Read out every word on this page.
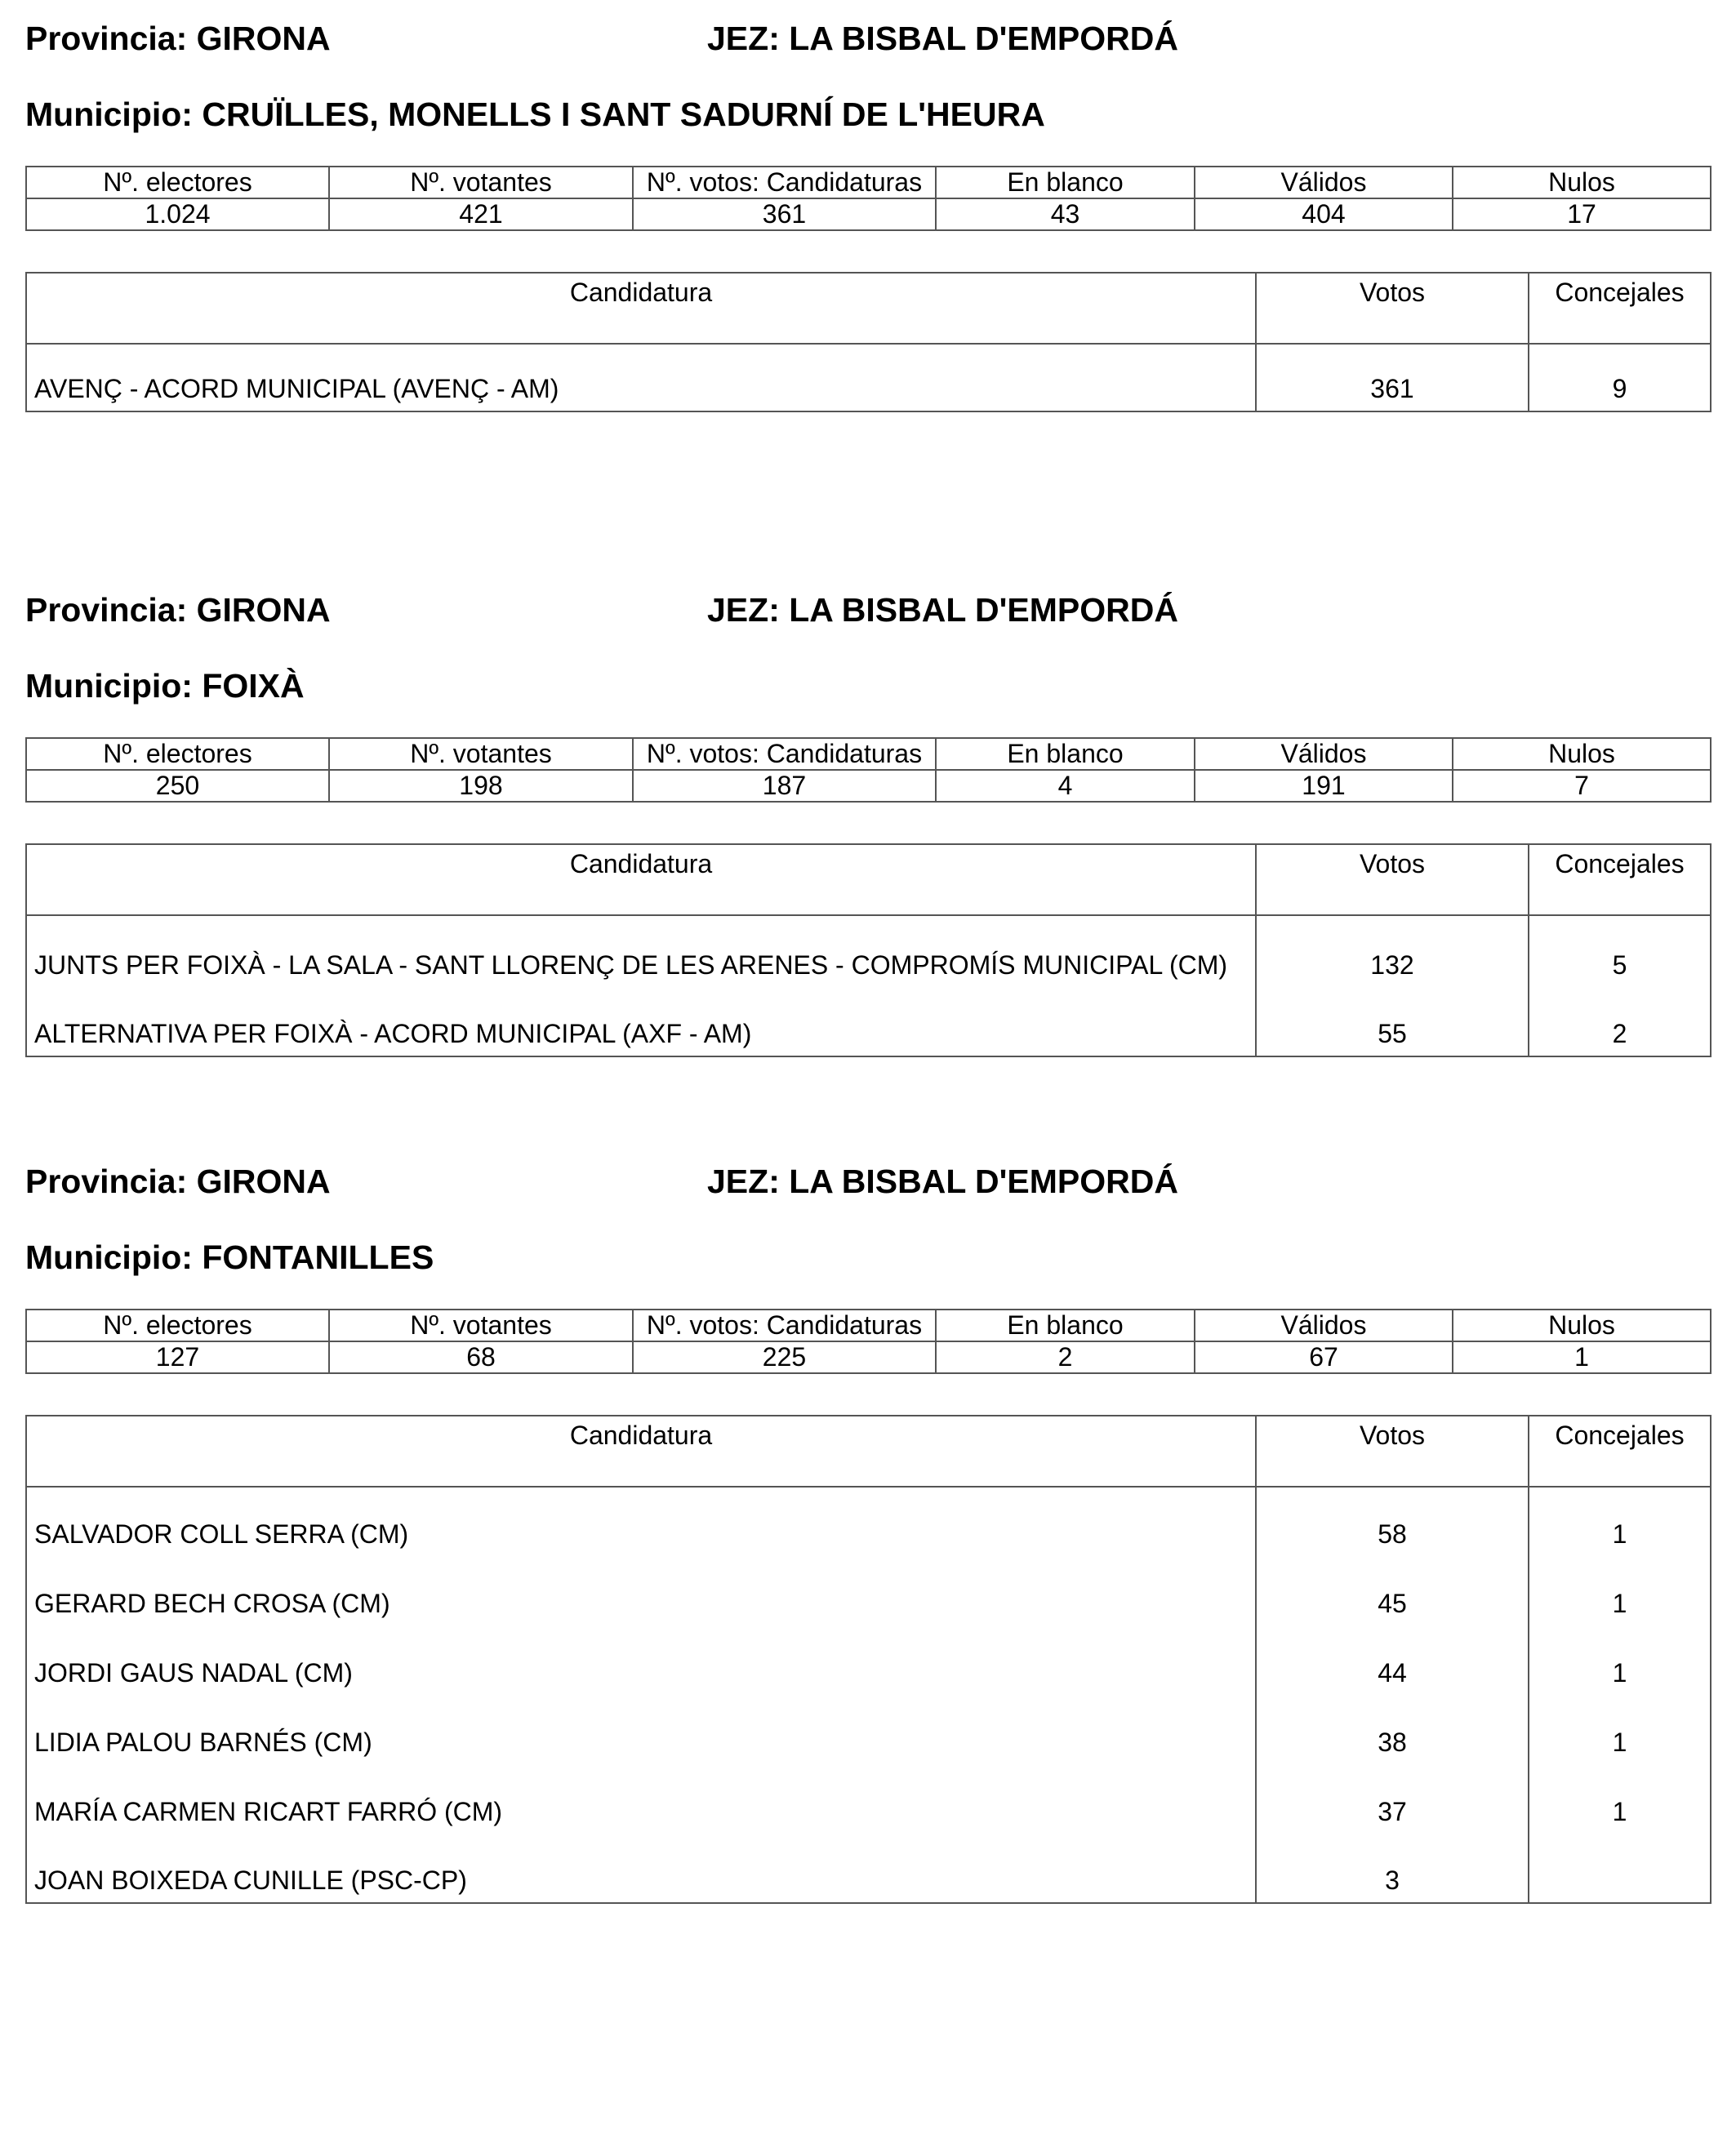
Provincia: GIRONA	JEZ: LA BISBAL D'EMPORDÁ
Municipio: CRUÏLLES, MONELLS I SANT SADURNÍ DE L'HEURA
Nº. electores	Nº. votantes	Nº. votos: Candidaturas	En blanco	Válidos	Nulos
1.024	421	361	43	404	17
Candidatura	Votos	Concejales
AVENÇ - ACORD MUNICIPAL (AVENÇ - AM)	361	9
Provincia: GIRONA	JEZ: LA BISBAL D'EMPORDÁ
Municipio: FOIXÀ
Nº. electores	Nº. votantes	Nº. votos: Candidaturas	En blanco	Válidos	Nulos
250	198	187	4	191	7
Candidatura	Votos	Concejales
JUNTS PER FOIXÀ - LA SALA - SANT LLORENÇ DE LES ARENES - COMPROMÍS MUNICIPAL (CM)	132	5
ALTERNATIVA PER FOIXÀ - ACORD MUNICIPAL (AXF - AM)	55	2
Provincia: GIRONA	JEZ: LA BISBAL D'EMPORDÁ
Municipio: FONTANILLES
Nº. electores	Nº. votantes	Nº. votos: Candidaturas	En blanco	Válidos	Nulos
127	68	225	2	67	1
Candidatura	Votos	Concejales
SALVADOR COLL SERRA (CM)	58	1
GERARD BECH CROSA (CM)	45	1
JORDI GAUS NADAL (CM)	44	1
LIDIA PALOU BARNÉS (CM)	38	1
MARÍA CARMEN RICART FARRÓ (CM)	37	1
JOAN BOIXEDA CUNILLE (PSC-CP)	3	
